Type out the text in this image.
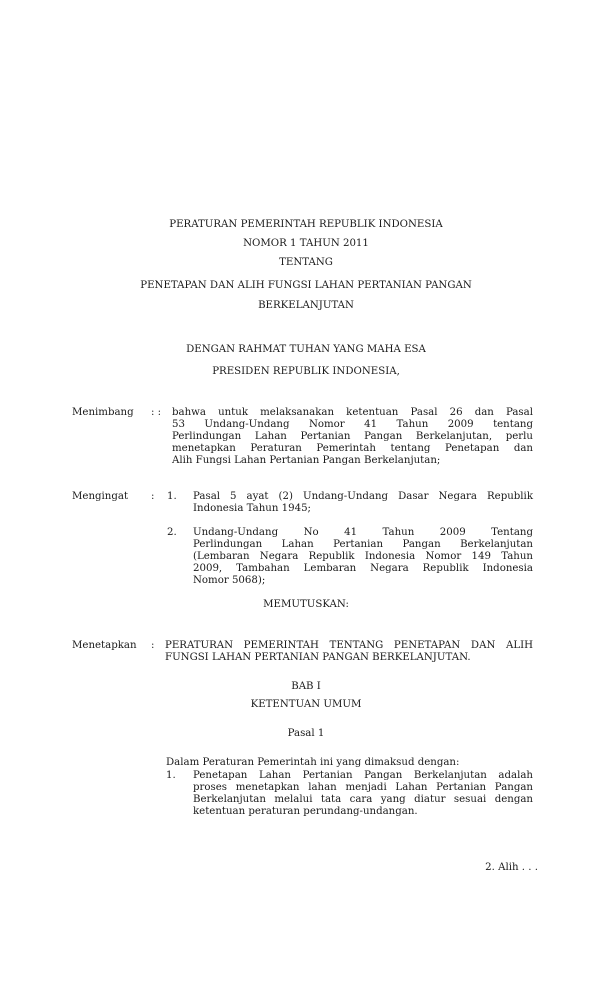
PERATURAN PEMERINTAH REPUBLIK INDONESIA
NOMOR 1 TAHUN 2011
TENTANG
PENETAPAN DAN ALIH FUNGSI LAHAN PERTANIAN PANGAN
BERKELANJUTAN
DENGAN RAHMAT TUHAN YANG MAHA ESA
PRESIDEN REPUBLIK INDONESIA,
Menimbang : : bahwa untuk melaksanakan ketentuan Pasal 26 dan Pasal
53 Undang-Undang Nomor 41 Tahun 2009 tentang
Perlindungan Lahan Pertanian Pangan Berkelanjutan, perlu
menetapkan Peraturan Pemerintah tentang Penetapan dan
Alih Fungsi Lahan Pertanian Pangan Berkelanjutan;
Mengingat : 1. Pasal 5 ayat (2) Undang-Undang Dasar Negara Republik
Indonesia Tahun 1945;
2. Undang-Undang No 41 Tahun 2009 Tentang
Perlindungan Lahan Pertanian Pangan Berkelanjutan
(Lembaran Negara Republik Indonesia Nomor 149 Tahun
2009, Tambahan Lembaran Negara Republik Indonesia
Nomor 5068);
MEMUTUSKAN:
Menetapkan : PERATURAN PEMERINTAH TENTANG PENETAPAN DAN ALIH
FUNGSI LAHAN PERTANIAN PANGAN BERKELANJUTAN.
BAB I
KETENTUAN UMUM
Pasal 1
Dalam Peraturan Pemerintah ini yang dimaksud dengan:
1. Penetapan Lahan Pertanian Pangan Berkelanjutan adalah
proses menetapkan lahan menjadi Lahan Pertanian Pangan
Berkelanjutan melalui tata cara yang diatur sesuai dengan
ketentuan peraturan perundang-undangan.
2. Alih . . .
